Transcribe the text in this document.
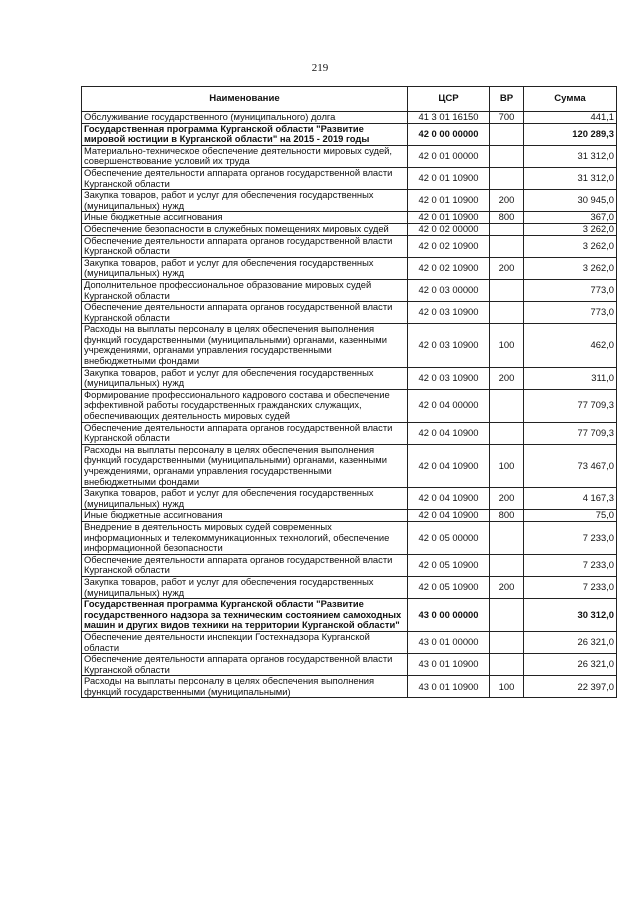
219
Наименование	ЦСР	ВР	Сумма
Обслуживание государственного (муниципального) долга	41 3 01 16150	700	441,1
Государственная программа Курганской области "Развитие мировой юстиции в Курганской области" на 2015 - 2019 годы	42 0 00 00000		120 289,3
Материально-техническое обеспечение деятельности мировых судей, совершенствование условий их труда	42 0 01 00000		31 312,0
Обеспечение деятельности аппарата органов государственной власти Курганской области	42 0 01 10900		31 312,0
Закупка товаров, работ и услуг для обеспечения государственных (муниципальных) нужд	42 0 01 10900	200	30 945,0
Иные бюджетные ассигнования	42 0 01 10900	800	367,0
Обеспечение безопасности в служебных помещениях мировых судей	42 0 02 00000		3 262,0
Обеспечение деятельности аппарата органов государственной власти Курганской области	42 0 02 10900		3 262,0
Закупка товаров, работ и услуг для обеспечения государственных (муниципальных) нужд	42 0 02 10900	200	3 262,0
Дополнительное профессиональное образование мировых судей Курганской области	42 0 03 00000		773,0
Обеспечение деятельности аппарата органов государственной власти Курганской области	42 0 03 10900		773,0
Расходы на выплаты персоналу в целях обеспечения выполнения функций государственными (муниципальными) органами, казенными учреждениями, органами управления государственными внебюджетными фондами	42 0 03 10900	100	462,0
Закупка товаров, работ и услуг для обеспечения государственных (муниципальных) нужд	42 0 03 10900	200	311,0
Формирование профессионального кадрового состава и обеспечение эффективной работы государственных гражданских служащих, обеспечивающих деятельность мировых судей	42 0 04 00000		77 709,3
Обеспечение деятельности аппарата органов государственной власти Курганской области	42 0 04 10900		77 709,3
Расходы на выплаты персоналу в целях обеспечения выполнения функций государственными (муниципальными) органами, казенными учреждениями, органами управления государственными внебюджетными фондами	42 0 04 10900	100	73 467,0
Закупка товаров, работ и услуг для обеспечения государственных (муниципальных) нужд	42 0 04 10900	200	4 167,3
Иные бюджетные ассигнования	42 0 04 10900	800	75,0
Внедрение в деятельность мировых судей современных информационных и телекоммуникационных технологий, обеспечение информационной безопасности	42 0 05 00000		7 233,0
Обеспечение деятельности аппарата органов государственной власти Курганской области	42 0 05 10900		7 233,0
Закупка товаров, работ и услуг для обеспечения государственных (муниципальных) нужд	42 0 05 10900	200	7 233,0
Государственная программа Курганской области "Развитие государственного надзора за техническим состоянием самоходных машин и других видов техники на территории Курганской области"	43 0 00 00000		30 312,0
Обеспечение деятельности инспекции Гостехнадзора Курганской области	43 0 01 00000		26 321,0
Обеспечение деятельности аппарата органов государственной власти Курганской области	43 0 01 10900		26 321,0
Расходы на выплаты персоналу в целях обеспечения выполнения функций государственными (муниципальными)	43 0 01 10900	100	22 397,0
